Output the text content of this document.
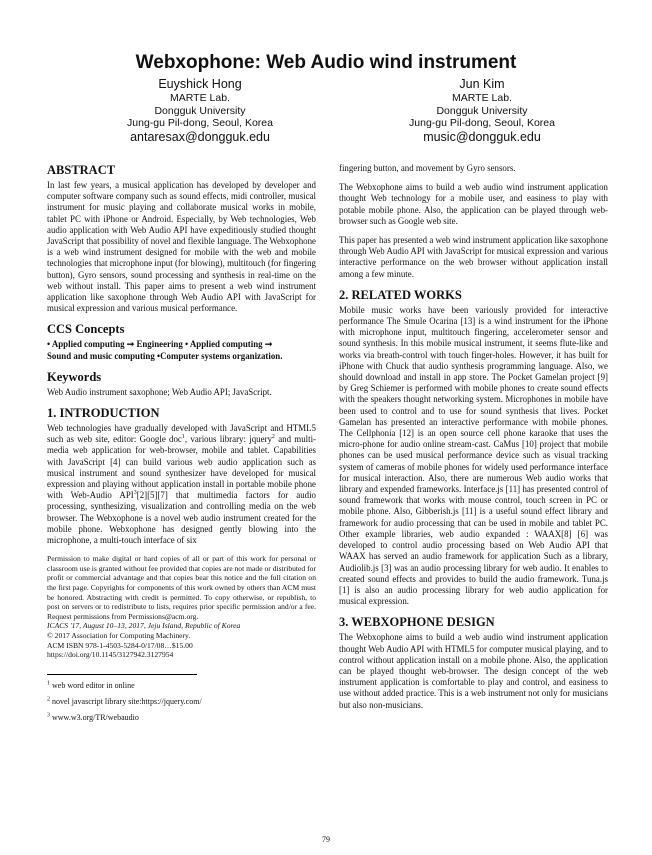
Webxophone: Web Audio wind instrument
Euyshick Hong
MARTE Lab.
Dongguk University
Jung-gu Pil-dong, Seoul, Korea
antaresax@dongguk.edu
Jun Kim
MARTE Lab.
Dongguk University
Jung-gu Pil-dong, Seoul, Korea
music@dongguk.edu
ABSTRACT

In last few years, a musical application has developed by developer and computer software company such as sound effects, midi controller, musical instrument for music playing and collaborate musical works in mobile, tablet PC with iPhone or Android. Especially, by Web technologies, Web audio application with Web Audio API have expeditiously studied thought JavaScript that possibility of novel and flexible language. The Webxophone is a web wind instrument designed for mobile with the web and mobile technologies that microphone input (for blowing), multitouch (for fingering button), Gyro sensors, sound processing and synthesis in real-time on the web without install. This paper aims to present a web wind instrument application like saxophone through Web Audio API with JavaScript for musical expression and various musical performance.

CCS Concepts

• Applied computing ➞ Engineering • Applied computing ➞

Sound and music computing •Computer systems organization.

Keywords

Web Audio instrument saxophone; Web Audio API; JavaScript.

1. INTRODUCTION

Web technologies have gradually developed with JavaScript and HTML5 such as web site, editor: Google doc$^1$, various library: jquery$^2$ and multi-media web application for web-browser, mobile and tablet. Capabilities with JavaScript [4] can build various web audio application such as musical instrument and sound synthesizer have developed for musical expression and playing without application install in portable mobile phone with Web-Audio API$^3$[2][5][7] that multimedia factors for audio processing, synthesizing, visualization and controlling media on the web browser. The Webxophone is a novel web audio instrument created for the mobile phone. Webxophone has designed gently blowing into the microphone, a multi-touch interface of six

Permission to make digital or hard copies of all or part of this work for personal or classroom use is granted without fee provided that copies are not made or distributed for profit or commercial advantage and that copies bear this notice and the full citation on the first page. Copyrights for components of this work owned by others than ACM must be honored. Abstracting with credit is permitted. To copy otherwise, or republish, to post on servers or to redistribute to lists, requires prior specific permission and/or a fee. Request permissions from Permissions@acm.org.

ICACS '17, August 10–13, 2017, Jeju Island, Republic of Korea

© 2017 Association for Computing Machinery.

ACM ISBN 978-1-4503-5284-0/17/08…$15.00

https://doi.org/10.1145/3127942.3127954

$^1$ web word editor in online

$^2$ novel javascript library site:https://jquery.com/

$^3$ www.w3.org/TR/webaudio

fingering button, and movement by Gyro sensors.

The Webxophone aims to build a web audio wind instrument application thought Web technology for a mobile user, and easiness to play with potable mobile phone. Also, the application can be played through web-browser such as Google web site.

This paper has presented a web wind instrument application like saxophone through Web Audio API with JavaScript for musical expression and various interactive performance on the web browser without application install among a few minute.

2. RELATED WORKS

Mobile music works have been variously provided for interactive performance The Smule Ocarina [13] is a wind instrument for the iPhone with microphone input, multitouch fingering, accelerometer sensor and sound synthesis. In this mobile musical instrument, it seems flute-like and works via breath-control with touch finger-holes. However, it has built for iPhone with Chuck that audio synthesis programming language. Also, we should download and install in app store. The Pocket Gamelan project [9] by Greg Schiemer is performed with mobile phones to create sound effects with the speakers thought networking system. Microphones in mobile have been used to control and to use for sound synthesis that lives. Pocket Gamelan has presented an interactive performance with mobile phones. The Cellphonia [12] is an open source cell phone karaoke that uses the micro-phone for audio online stream-cast. CaMus [10] project that mobile phones can be used musical performance device such as visual tracking system of cameras of mobile phones for widely used performance interface for musical interaction. Also, there are numerous Web audio works that library and expended frameworks. Interface.js [11] has presented control of sound framework that works with mouse control, touch screen in PC or mobile phone. Also, Gibberish.js [11] is a useful sound effect library and framework for audio processing that can be used in mobile and tablet PC. Other example libraries, web audio expanded : WAAX[8] [6] was developed to control audio processing based on Web Audio API that WAAX has served an audio framework for application Such as a library, Audiolib.js [3] was an audio processing library for web audio. It enables to created sound effects and provides to build the audio framework. Tuna.js [1] is also an audio processing library for web audio application for musical expression.

3. WEBXOPHONE DESIGN

The Webxophone aims to build a web audio wind instrument application thought Web Audio API with HTML5 for computer musical playing, and to control without application install on a mobile phone. Also, the application can be played thought web-browser. The design concept of the web instrument application is comfortable to play and control, and easiness to use without added practice. This is a web instrument not only for musicians but also non-musicians.

79
